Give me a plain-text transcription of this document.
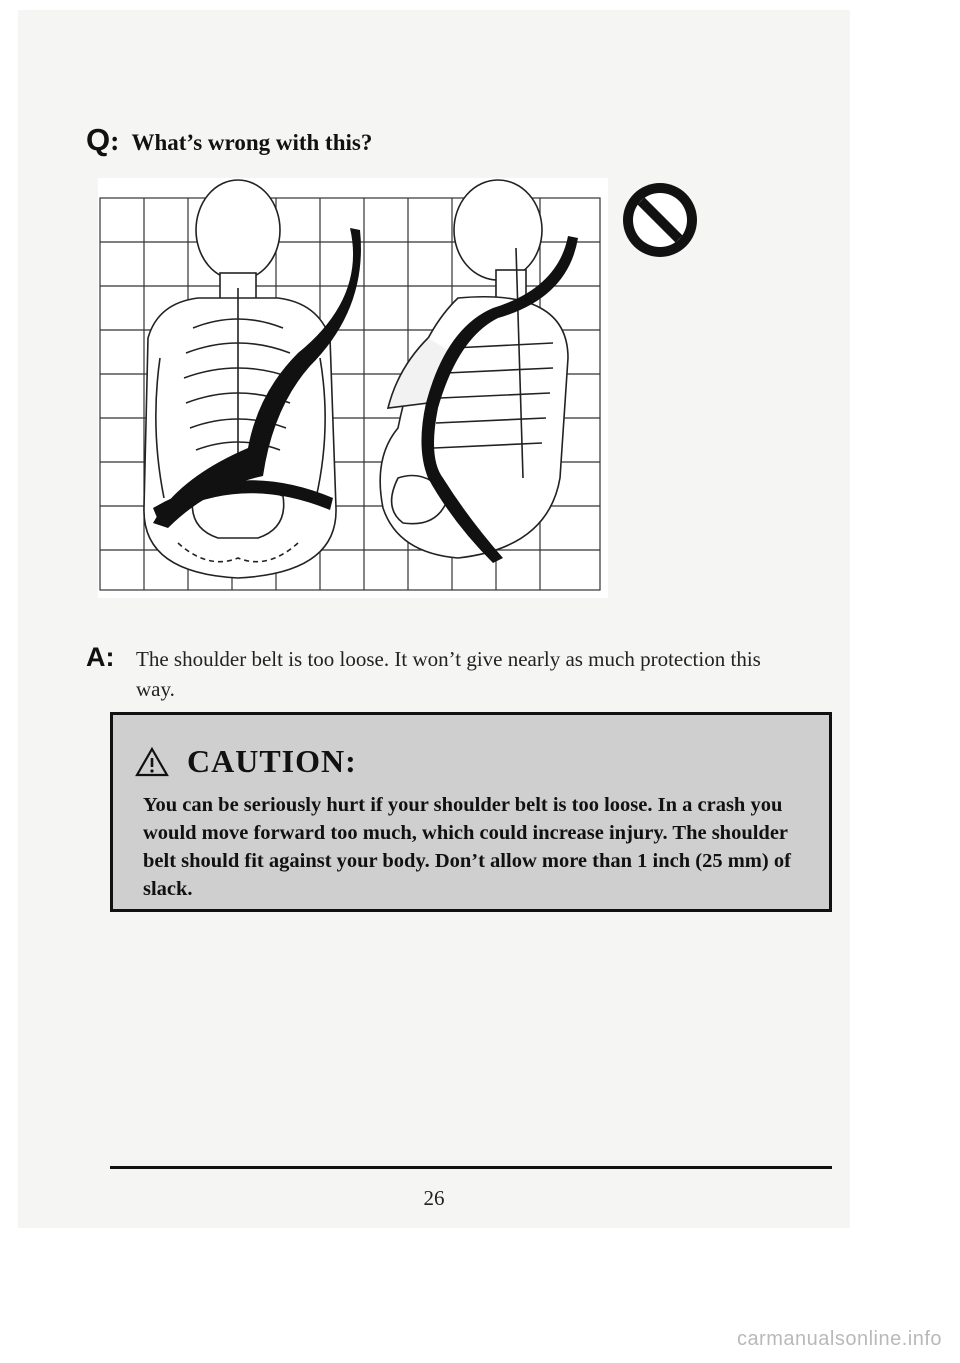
Q : What’s wrong with this?
A: The shoulder belt is too loose. It won’t give nearly as much protection this way.
CAUTION:
You can be seriously hurt if your shoulder belt is too loose. In a crash you would move forward too much, which could increase injury. The shoulder belt should fit against your body. Don’t allow more than 1 inch (25 mm) of slack.
26
carmanualsonline.info
